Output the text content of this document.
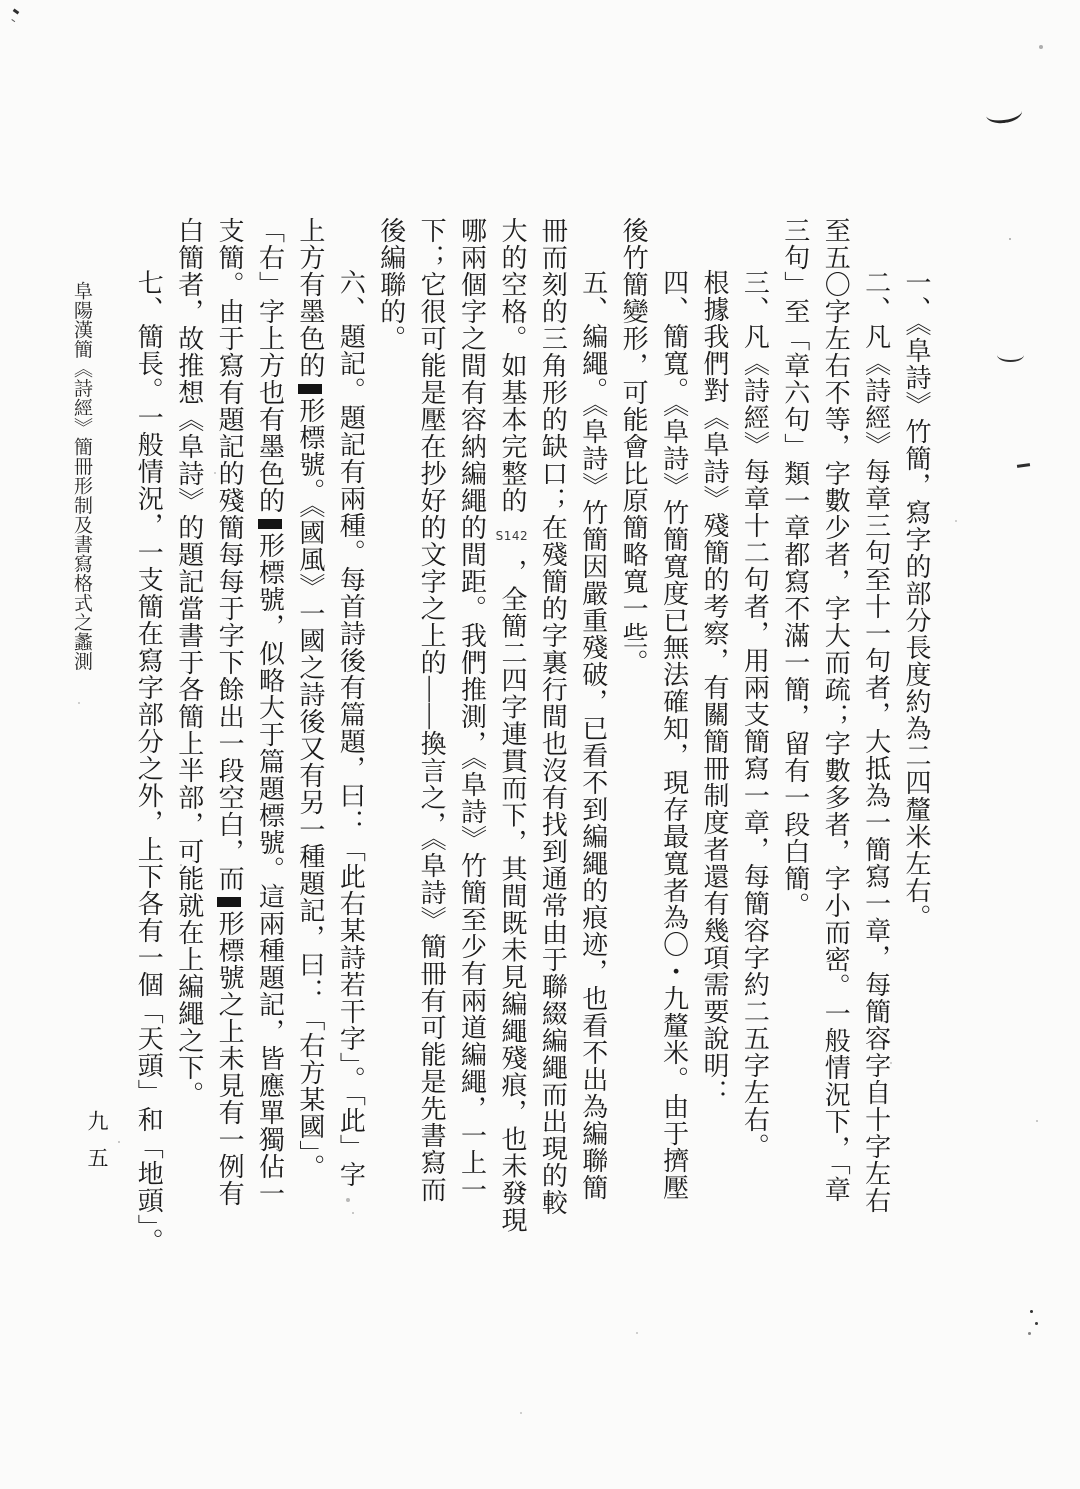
阜陽漢簡《詩經》簡冊形制及書寫格式之蠡測	一、《阜詩》竹簡，寫字的部分長度約為二四釐米左右。

二、凡《詩經》每章三句至十一句者，大抵為一簡寫一章，每簡容字自十字左右

至五〇字左右不等，字數少者，字大而疏；字數多者，字小而密。一般情況下，「章

三句」至「章六句」類一章都寫不滿一簡，留有一段白簡。

三、凡《詩經》每章十二句者，用兩支簡寫一章，每簡容字約二五字左右。

根據我們對《阜詩》殘簡的考察，有關簡冊制度者還有幾項需要說明：

四、簡寬。《阜詩》竹簡寬度已無法確知，現存最寬者為〇・九釐米。由于擠壓

後竹簡變形，可能會比原簡略寬一些。

五、編繩。《阜詩》竹簡因嚴重殘破，已看不到編繩的痕迹，也看不出為編聯簡

冊而刻的三角形的缺口；在殘簡的字裏行間也沒有找到通常由于聯綴編繩而出現的較

大的空格。如基本完整的S142，全簡二四字連貫而下，其間既未見編繩殘痕，也未發現

哪兩個字之間有容納編繩的間距。我們推測，《阜詩》竹簡至少有兩道編繩，一上一

下；它很可能是壓在抄好的文字之上的——換言之，《阜詩》簡冊有可能是先書寫而

後編聯的。

六、題記。題記有兩種。每首詩後有篇題，曰：「此右某詩若干字」。「此」字

上方有墨色的形標號。《國風》一國之詩後又有另一種題記，曰：「右方某國」。

「右」字上方也有墨色的形標號，似略大于篇題標號。這兩種題記，皆應單獨佔一

支簡。由于寫有題記的殘簡每每于字下餘出一段空白，而形標號之上未見有一例有

白簡者，故推想《阜詩》的題記當書于各簡上半部，可能就在上編繩之下。

七、簡長。一般情況，一支簡在寫字部分之外，上下各有一個「天頭」和「地頭」。

九五
